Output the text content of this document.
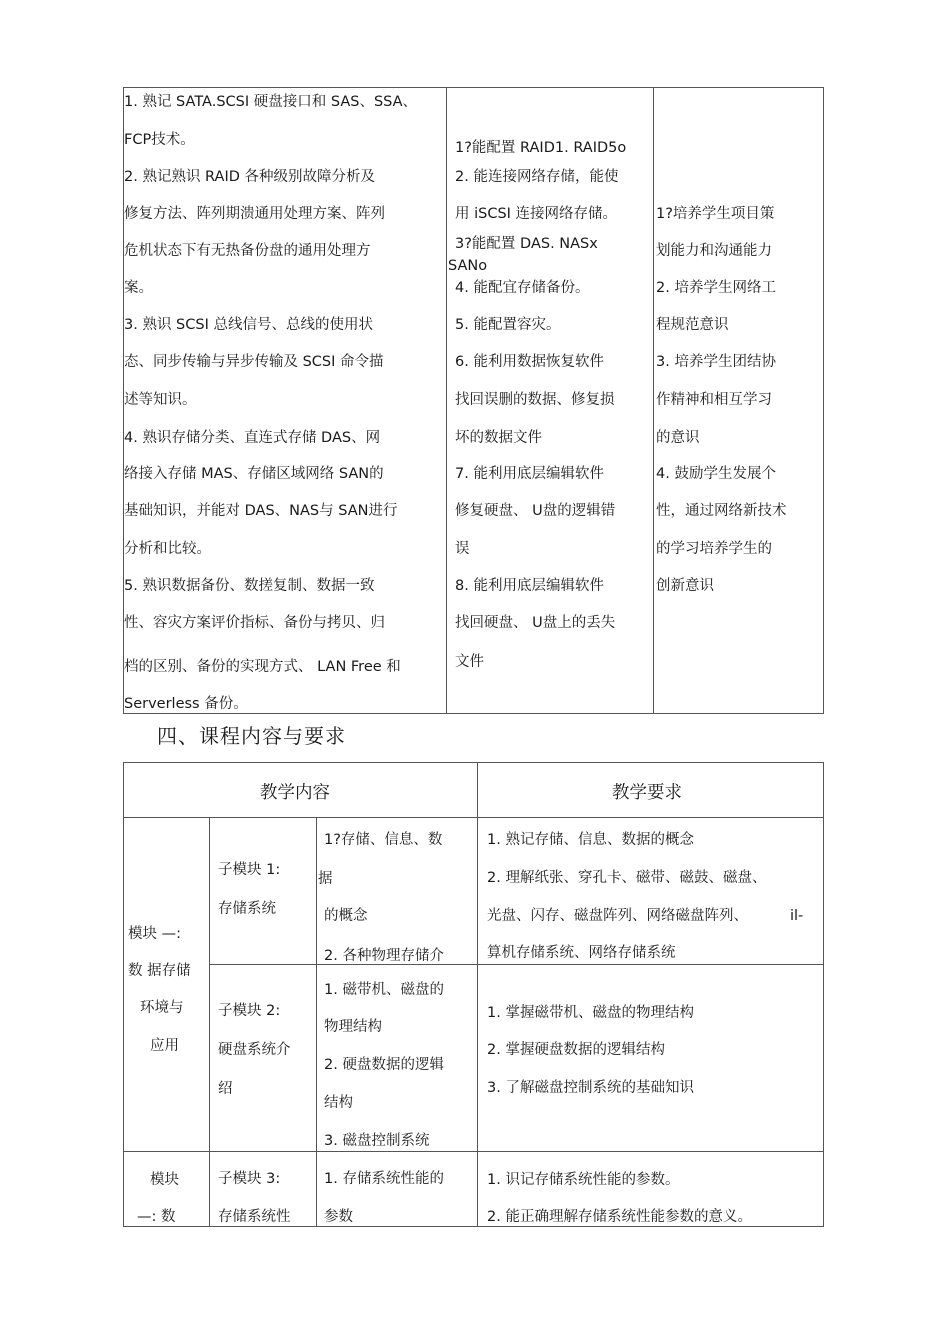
1. 熟记 SATA.SCSI 硬盘接口和 SAS、SSA、
FCP技术。
2. 熟记熟识 RAID 各种级别故障分析及
修复方法、阵列期溃通用处理方案、阵列
危机状态下有无热备份盘的通用处理方
案。
3. 熟识 SCSI 总线信号、总线的使用状
态、同步传输与异步传输及 SCSI 命令描
述等知识。
4. 熟识存储分类、直连式存储 DAS、网
络接入存储 MAS、存储区域网络 SAN的
基础知识，并能对 DAS、NAS与 SAN进行
分析和比较。
5. 熟识数据备份、数搓复制、数据一致
性、容灾方案评价指标、备份与拷贝、归
档的区别、备份的实现方式、 LAN Free 和
Serverless 备份。
1?能配置 RAID1. RAID5o
2. 能连接网络存储，能使
用 iSCSI 连接网络存储。
3?能配置 DAS. NASx
SANo
4. 能配宜存储备份。
5. 能配置容灾。
6. 能利用数据恢复软件
找回误删的数据、修复损
坏的数据文件
7. 能利用底层编辑软件
修复硬盘、 U盘的逻辑错
误
8. 能利用底层编辑软件
找回硬盘、 U盘上的丢失
文件
1?培养学生项目策
划能力和沟通能力
2. 培养学生网络工
程规范意识
3. 培养学生团结协
作精神和相互学习
的意识
4. 鼓励学生发展个
性，通过网络新技术
的学习培养学生的
创新意识
四、课程内容与要求
教学内容	教学要求
模块 —:
数 据存储
环境与
应用
子模块 1:
存储系统
1?存储、信息、数
据
的概念
2. 各种物理存储介
1. 熟记存储、信息、数据的概念
2. 理解纸张、穿孔卡、磁带、磁鼓、磁盘、
光盘、闪存、磁盘阵列、网络磁盘阵列、	il-
算机存储系统、网络存储系统
子模块 2:
硬盘系统介
绍
1. 磁带机、磁盘的
物理结构
2. 硬盘数据的逻辑
结构
3. 磁盘控制系统
1. 掌握磁带机、磁盘的物理结构
2. 掌握硬盘数据的逻辑结构
3. 了解磁盘控制系统的基础知识
模块
—: 数
子模块 3:
存储系统性
1. 存储系统性能的
参数
1. 识记存储系统性能的参数。
2. 能正确理解存储系统性能参数的意义。
